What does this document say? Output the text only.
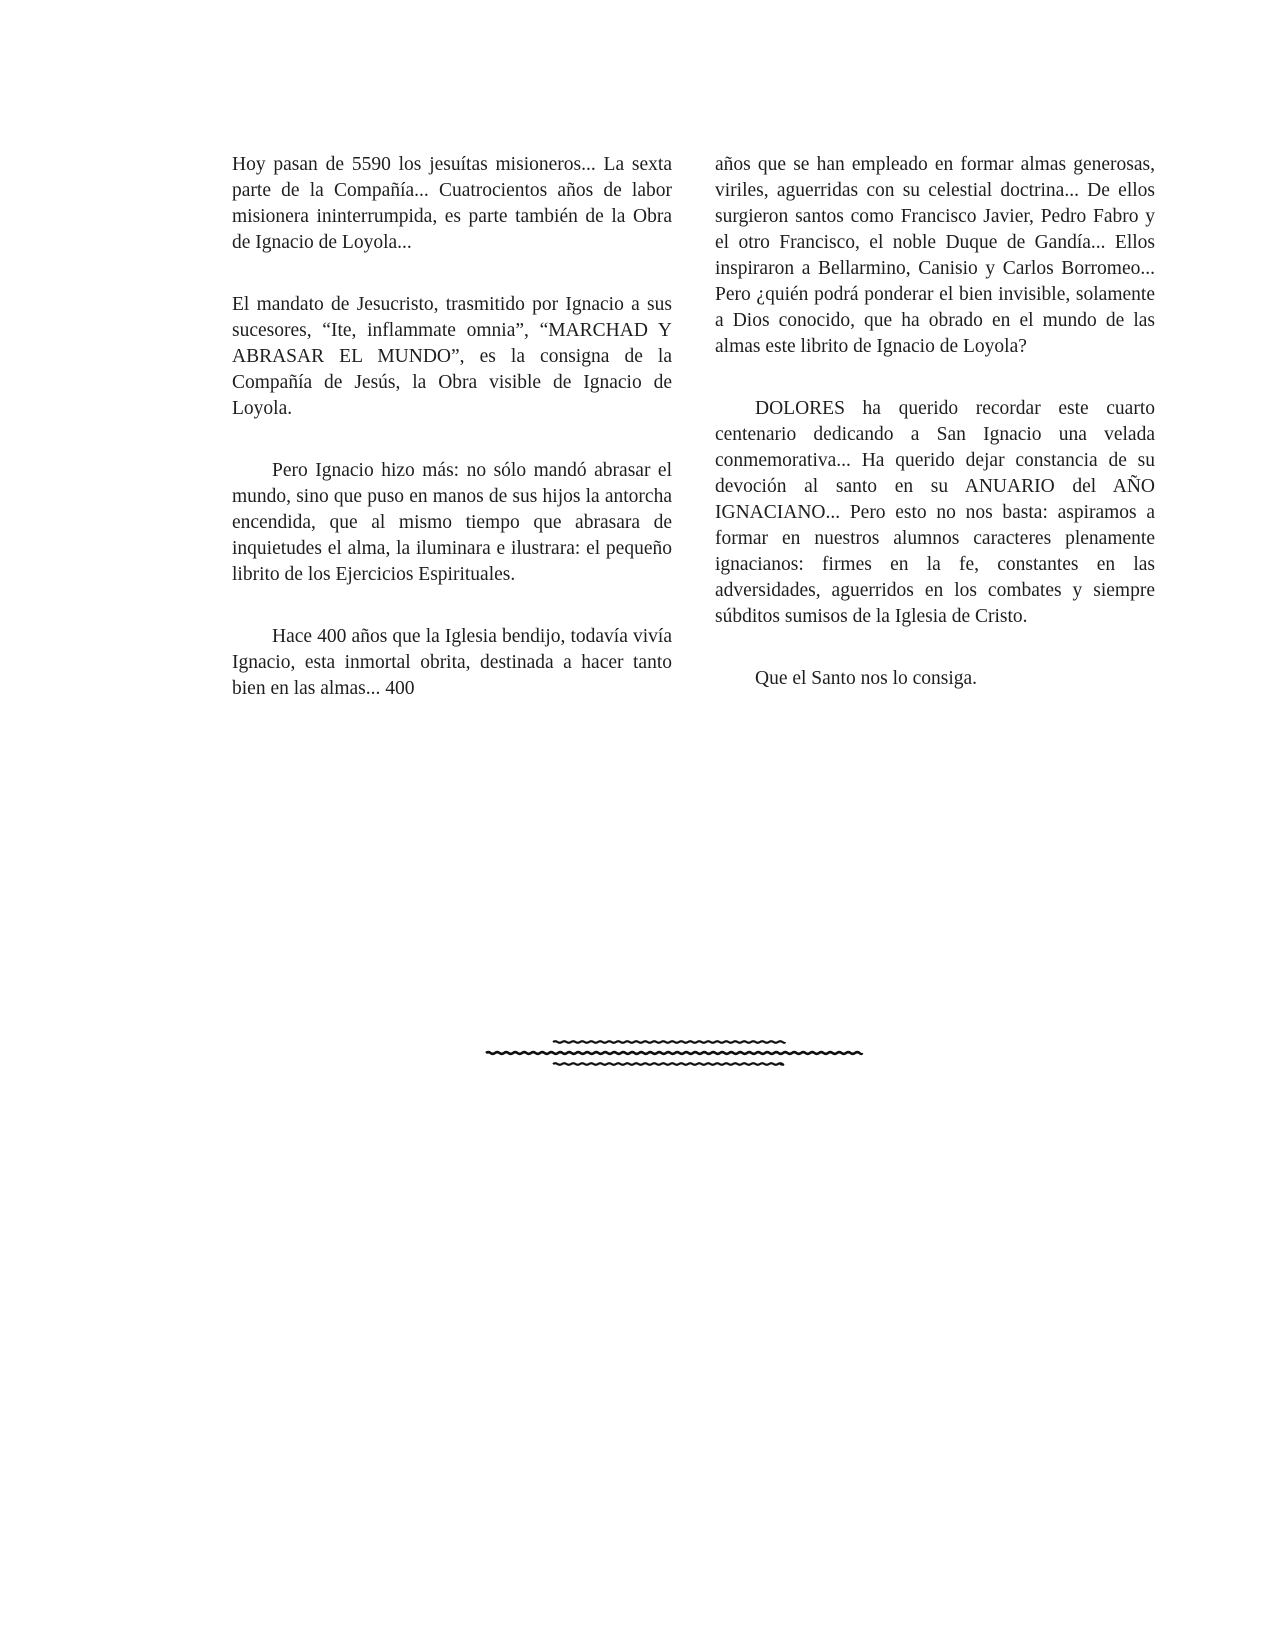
Hoy pasan de 5590 los jesuítas misioneros... La sexta parte de la Compañía... Cuatrocientos años de labor misionera ininterrumpida, es parte también de la Obra de Ignacio de Loyola...

El mandato de Jesucristo, trasmitido por Ignacio a sus sucesores, “Ite, inflammate omnia”, “MARCHAD Y ABRASAR EL MUNDO”, es la consigna de la Compañía de Jesús, la Obra visible de Ignacio de Loyola.

Pero Ignacio hizo más: no sólo mandó abrasar el mundo, sino que puso en manos de sus hijos la antorcha encendida, que al mismo tiempo que abrasara de inquietudes el alma, la iluminara e ilustrara: el pequeño librito de los Ejercicios Espirituales.

Hace 400 años que la Iglesia bendijo, todavía vivía Ignacio, esta inmortal obrita, destinada a hacer tanto bien en las almas... 400

años que se han empleado en formar almas generosas, viriles, aguerridas con su celestial doctrina... De ellos surgieron santos como Francisco Javier, Pedro Fabro y el otro Francisco, el noble Duque de Gandía... Ellos inspiraron a Bellarmino, Canisio y Carlos Borromeo... Pero ¿quién podrá ponderar el bien invisible, solamente a Dios conocido, que ha obrado en el mundo de las almas este librito de Ignacio de Loyola?

DOLORES ha querido recordar este cuarto centenario dedicando a San Ignacio una velada conmemorativa... Ha querido dejar constancia de su devoción al santo en su ANUARIO del AÑO IGNACIANO... Pero esto no nos basta: aspiramos a formar en nuestros alumnos caracteres plenamente ignacianos: firmes en la fe, constantes en las adversidades, aguerridos en los combates y siempre súbditos sumisos de la Iglesia de Cristo.

Que el Santo nos lo consiga.
